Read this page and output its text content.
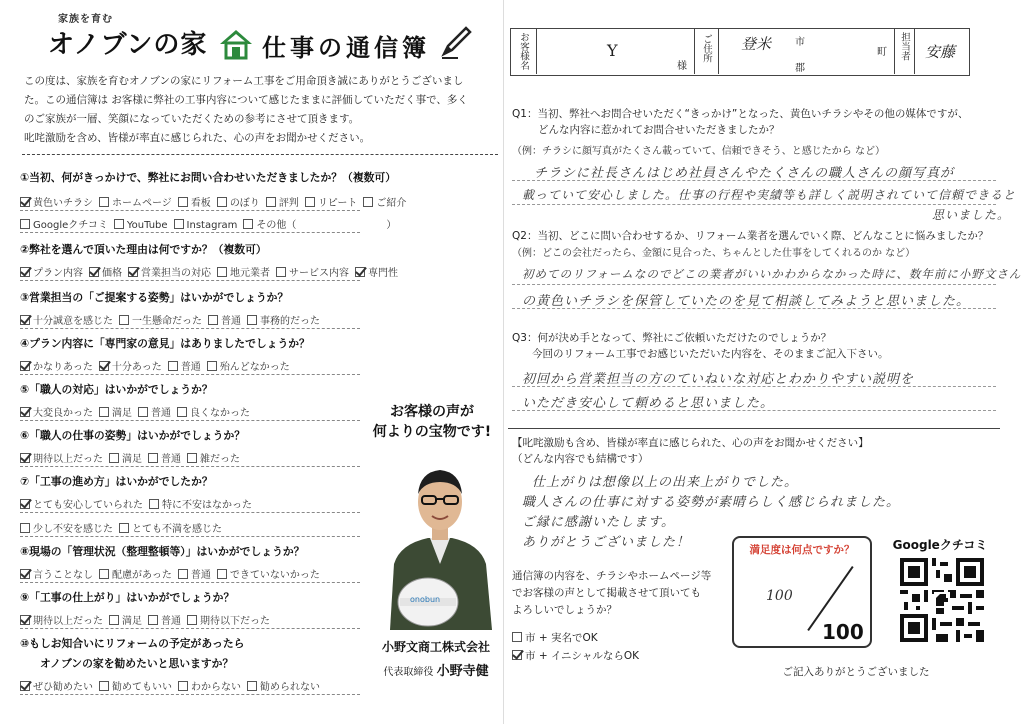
家族を育む
オノブンの家 仕事の通信簿
この度は、家族を育むオノブンの家にリフォーム工事をご用命頂き誠にありがとうございまし
た。この通信簿は お客様に弊社の工事内容について感じたままに評価していただく事で、多く
のご家族が一層、笑顔になっていただくための参考にさせて頂きます。
叱咤激励を含め、皆様が率直に感じられた、心の声をお聞かせください。
①当初、何がきっかけで、弊社にお問い合わせいただきましたか？（複数可）
黄色いチラシ ホームページ 看板 のぼり 評判 リピート ご紹介
Googleクチコミ YouTube Instagram その他（　　　　　　　　　）
②弊社を選んで頂いた理由は何ですか？（複数可）
プラン内容 価格 営業担当の対応 地元業者 サービス内容 専門性
③営業担当の「ご提案する姿勢」はいかがでしょうか？
十分誠意を感じた 一生懸命だった 普通 事務的だった
④プラン内容に「専門家の意見」はありましたでしょうか？
かなりあった 十分あった 普通 殆んどなかった
⑤「職人の対応」はいかがでしょうか？
大変良かった 満足 普通 良くなかった
⑥「職人の仕事の姿勢」はいかがでしょうか？
期待以上だった 満足 普通 雑だった
⑦「工事の進め方」はいかがでしたか？
とても安心していられた 特に不安はなかった
少し不安を感じた とても不満を感じた
⑧現場の「管理状況（整理整頓等）」はいかがでしょうか？
言うことなし 配慮があった 普通 できていないかった
⑨「工事の仕上がり」はいかがでしょうか？
期待以上だった 満足 普通 期待以下だった
⑩もしお知合いにリフォームの予定があったら
オノブンの家を勧めたいと思いますか？
ぜひ勧めたい 勧めてもいい わからない 勧められない
お客様の声が
何よりの宝物です!
onobun
小野文商工株式会社
代表取締役 小野寺健
お客様名	Y
様
ご住所 登米 市
郡
町 担当者 安藤
Q1：当初、弊社へお問合せいただく“きっかけ”となった、黄色いチラシやその他の媒体ですが、
どんな内容に惹かれてお問合せいただきましたか？
（例：チラシに顔写真がたくさん載っていて、信頼できそう、と感じたから など）
チラシに社長さんはじめ社員さんやたくさんの職人さんの顔写真が
載っていて安心しました。仕事の行程や実績等も詳しく説明されていて信頼できると
思いました。
Q2：当初、どこに問い合わせするか、リフォーム業者を選んでいく際、どんなことに悩みましたか？
（例：どこの会社だったら、金額に見合った、ちゃんとした仕事をしてくれるのか など）
初めてのリフォームなのでどこの業者がいいかわからなかった時に、数年前に小野文さん
の黄色いチラシを保管していたのを見て相談してみようと思いました。
Q3：何が決め手となって、弊社にご依頼いただけたのでしょうか？
今回のリフォーム工事でお感じいただいた内容を、そのままご記入下さい。
初回から営業担当の方のていねいな対応とわかりやすい説明を
いただき安心して頼めると思いました。
【叱咤激励も含め、皆様が率直に感じられた、心の声をお聞かせください】
（どんな内容でも結構です）
仕上がりは想像以上の出来上がりでした。
職人さんの仕事に対する姿勢が素晴らしく感じられました。
ご縁に感謝いたします。
ありがとうございました！
通信簿の内容を、チラシやホームページ等
でお客様の声として掲載させて頂いても
よろしいでしょうか？
市 + 実名でOK
市 + イニシャルならOK
満足度は何点ですか？
100
100
Googleクチコミ
ご記入ありがとうございました
